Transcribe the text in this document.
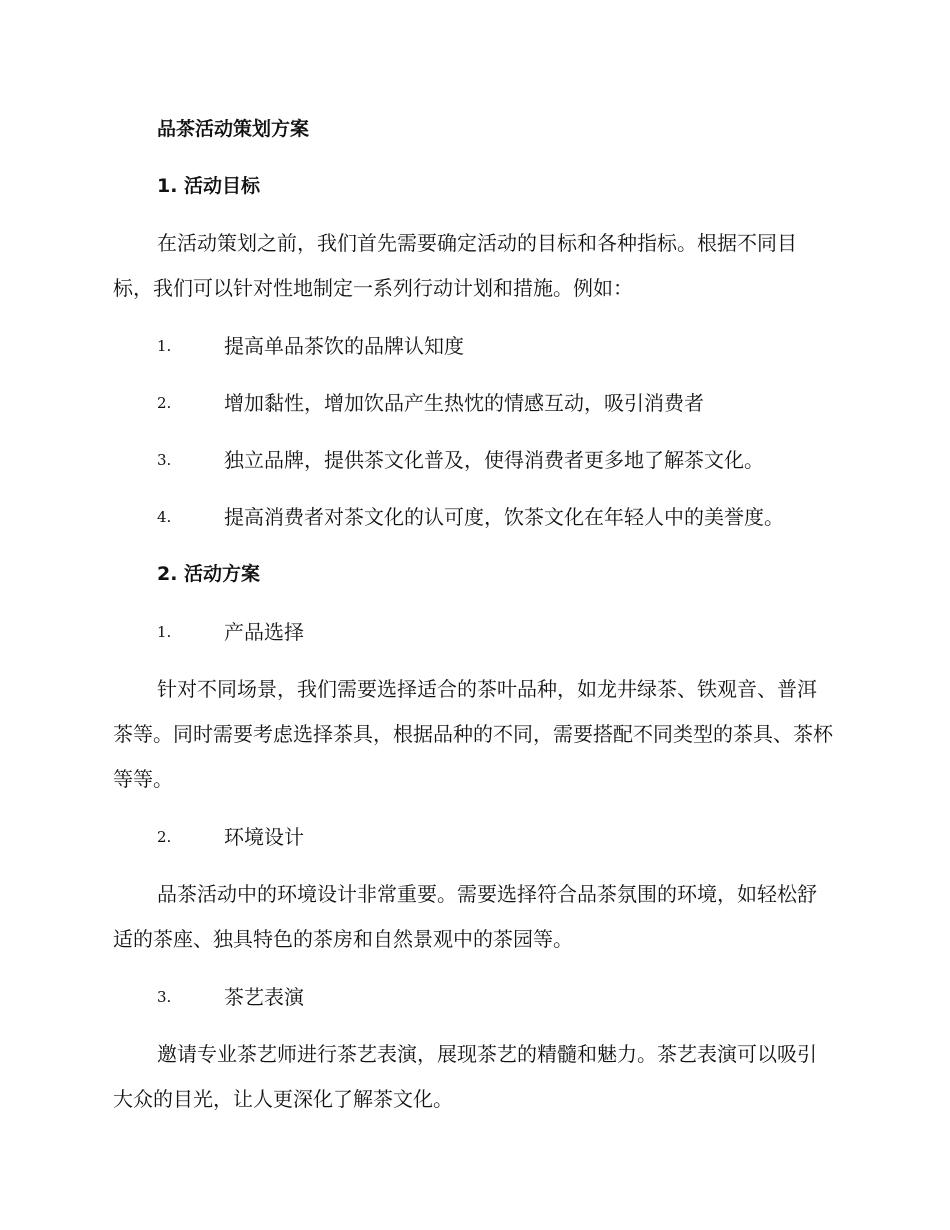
品茶活动策划方案
1. 活动目标
在活动策划之前，我们首先需要确定活动的目标和各种指标。根据不同目标，我们可以针对性地制定一系列行动计划和措施。例如：
1.	提高单品茶饮的品牌认知度
2.	增加黏性，增加饮品产生热忱的情感互动，吸引消费者
3.	独立品牌，提供茶文化普及，使得消费者更多地了解茶文化。
4.	提高消费者对茶文化的认可度，饮茶文化在年轻人中的美誉度。
2. 活动方案
1.	产品选择
针对不同场景，我们需要选择适合的茶叶品种，如龙井绿茶、铁观音、普洱茶等。同时需要考虑选择茶具，根据品种的不同，需要搭配不同类型的茶具、茶杯等等。
2.	环境设计
品茶活动中的环境设计非常重要。需要选择符合品茶氛围的环境，如轻松舒适的茶座、独具特色的茶房和自然景观中的茶园等。
3.	茶艺表演
邀请专业茶艺师进行茶艺表演，展现茶艺的精髓和魅力。茶艺表演可以吸引大众的目光，让人更深化了解茶文化。
